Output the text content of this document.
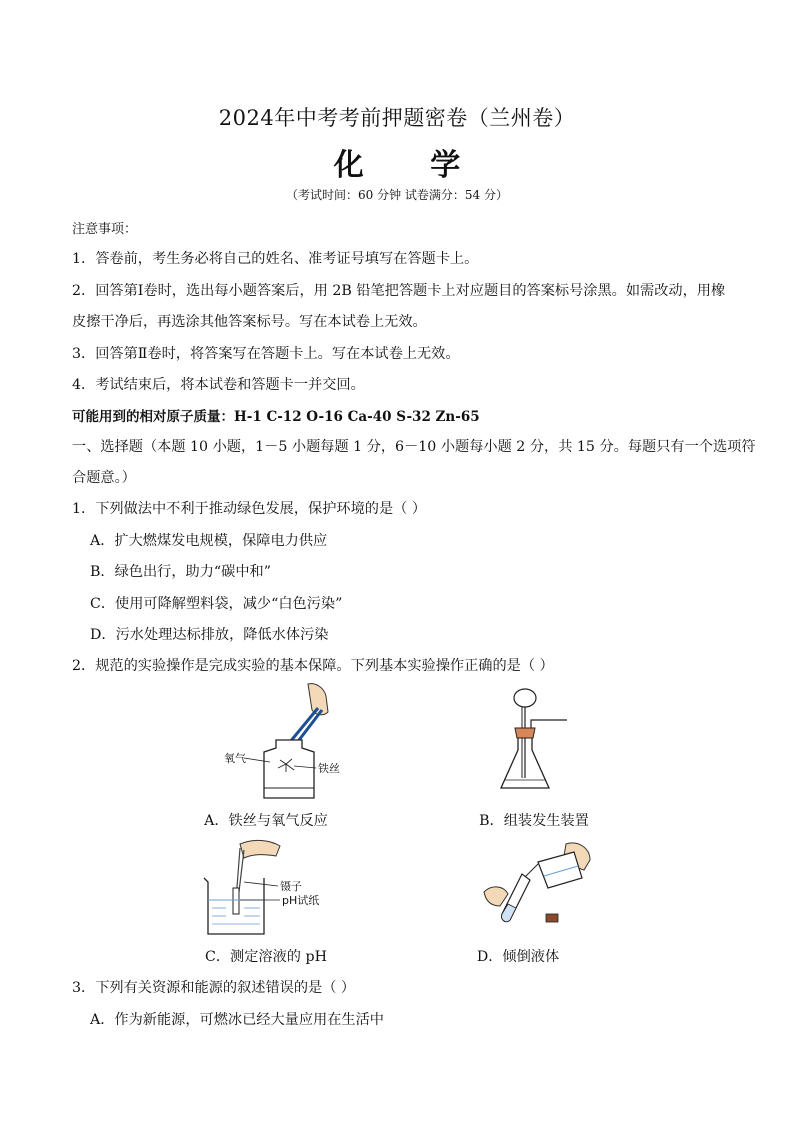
2024年中考考前押题密卷（兰州卷）
化 学
（考试时间：60 分钟 试卷满分：54 分）
注意事项：
1．答卷前，考生务必将自己的姓名、准考证号填写在答题卡上。
2．回答第Ⅰ卷时，选出每小题答案后，用 2B 铅笔把答题卡上对应题目的答案标号涂黑。如需改动，用橡
皮擦干净后，再选涂其他答案标号。写在本试卷上无效。
3．回答第Ⅱ卷时，将答案写在答题卡上。写在本试卷上无效。
4．考试结束后，将本试卷和答题卡一并交回。
可能用到的相对原子质量：H-1 C-12 O-16 Ca-40 S-32 Zn-65
一、选择题（本题 10 小题，1－5 小题每题 1 分，6－10 小题每小题 2 分，共 15 分。每题只有一个选项符
合题意。）
1．下列做法中不利于推动绿色发展，保护环境的是（ ）
A．扩大燃煤发电规模，保障电力供应
B．绿色出行，助力“碳中和”
C．使用可降解塑料袋，减少“白色污染”
D．污水处理达标排放，降低水体污染
2．规范的实验操作是完成实验的基本保障。下列基本实验操作正确的是（ ）
氧气
铁丝
A．铁丝与氧气反应	B．组装发生装置
镊子
pH试纸
C．测定溶液的 pH	D．倾倒液体
3．下列有关资源和能源的叙述错误的是（ ）
A．作为新能源，可燃冰已经大量应用在生活中
